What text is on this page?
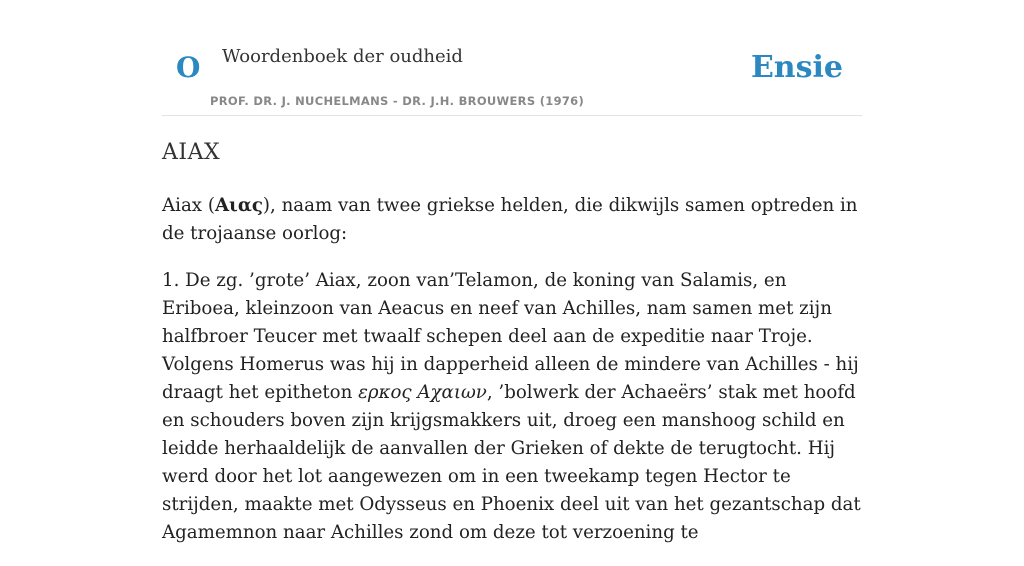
O Woordenboek der oudheid
PROF. DR. J. NUCHELMANS - DR. J.H. BROUWERS (1976)
Ensie
AIAX

Aiax (Αιας), naam van twee griekse helden, die dikwijls samen optreden in de trojaanse oorlog:

1. De zg. ’grote’ Aiax, zoon van’Telamon, de koning van Salamis, en Eriboea, kleinzoon van Aeacus en neef van Achilles, nam samen met zijn halfbroer Teucer met twaalf schepen deel aan de expeditie naar Troje. Volgens Homerus was hij in dapperheid alleen de mindere van Achilles - hij draagt het epitheton ερκος Αχαιων, ’bolwerk der Achaeërs’ stak met hoofd en schouders boven zijn krijgsmakkers uit, droeg een manshoog schild en leidde herhaaldelijk de aanvallen der Grieken of dekte de terugtocht. Hij werd door het lot aangewezen om in een tweekamp tegen Hector te strijden, maakte met Odysseus en Phoenix deel uit van het gezantschap dat Agamemnon naar Achilles zond om deze tot verzoening te
